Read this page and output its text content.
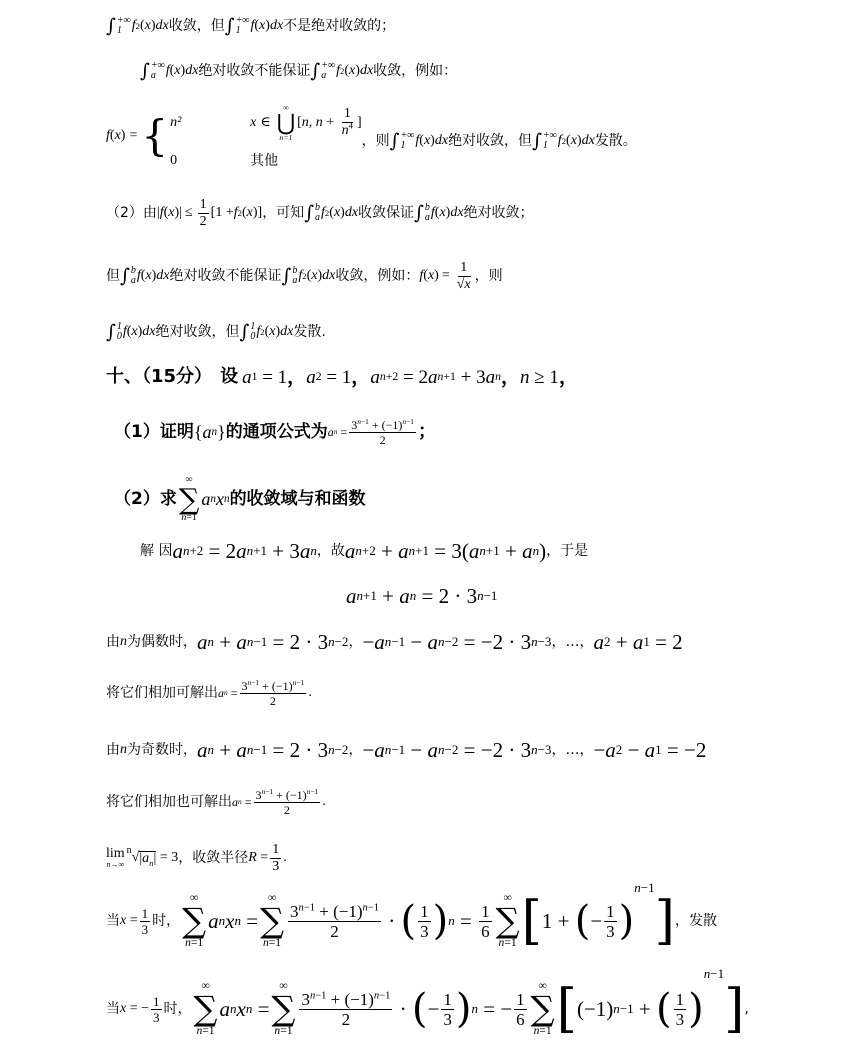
∫ +∞
1 f 2 ( x ) dx 收敛，但 ∫ +∞
1 f ( x ) dx 不是绝对收敛的；
∫ +∞
a f ( x ) dx 绝对收敛不能保证 ∫ +∞
a f 2 ( x ) dx 收敛，例如：
f ( x ) = { n²	x ∈
∞
⋃
n=1
[ n, $n + \frac{1}{n^4}$ ]
0	其他
，则 ∫ +∞
1 f ( x ) dx 绝对收敛，但 ∫ +∞
1 f 2 ( x ) dx 发散。
（2）由 | f ( x )| ≤ $\frac{1}{2} [1 + f$ 2 ( x )] ，可知 ∫ b
a f 2 ( x ) dx 收敛保证 ∫ b
a f ( x ) dx 绝对收敛；
但 ∫ b
a f ( x ) dx 绝对收敛不能保证 ∫ b
a f 2 ( x ) dx 收敛，例如： f ( x ) = $\frac{1}{√x}$ ，则
∫ 1
0 f ( x ) dx 绝对收敛，但 ∫ 1
0 f 2 ( x ) dx 发散.
十、（15分） 设 a 1 = 1 ， a 2 = 1 ， a n+2 = 2 a n+1 + 3 a n ， n ≥ 1 ，
（1）证明 { a n } 的通项公式为 a $n = \frac{3^{n-1} + (-1)^{n-1}}{2}$ ；
（2）求
∞
∑
n=1
a n x n 的收敛域与和函数
解 因 a n+2 = 2 a n+1 + 3 a n ，故 a n+2 + a n+1 = 3( a n+1 + a n ) ，于是
a n+1 + a n = 2 · 3 n−1
由 n 为偶数时， a n + a n−1 = 2 · 3 n−2 ， − a n−1 − a n−2 = −2 · 3 n−3 ，…， a 2 + a 1 = 2
将它们相加可解出 a $n = \frac{3^{n-1} + (-1)^{n-1}}{2}$ .
由 n 为奇数时， a n + a n−1 = 2 · 3 n−2 ， − a n−1 − a n−2 = −2 · 3 n−3 ，…， − a 2 − a 1 = −2
将它们相加也可解出 a $n = \frac{3^{n-1} + (-1)^{n-1}}{2}$ .
lim
n→∞
n √ $|a_n| = 3$ ，收敛半径 $R = \frac{1}{3}$ .
当 $x = \frac{1}{3}$ 时，
∞
∑
n=1
a n x n =
∞
∑
n=1
$\frac{3^{n-1} + (-1)^{n-1}}{2}$ · ( $\frac{1}{3}$ ) $n = \frac{1}{6}$
∞
∑
n=1 [ 1 + ( − $\frac{1}{3}$ )
n−1
] ，发散
当 x = − $\frac{1}{3}$ 时，
∞
∑
n=1
a n x n =
∞
∑
n=1
$\frac{3^{n-1} + (-1)^{n-1}}{2}$ · ( − $\frac{1}{3}$ ) n = − $\frac{1}{6}$
∞
∑
n=1 [ (−1) n−1 + ( $\frac{1}{3}$ )
n−1
] ,
